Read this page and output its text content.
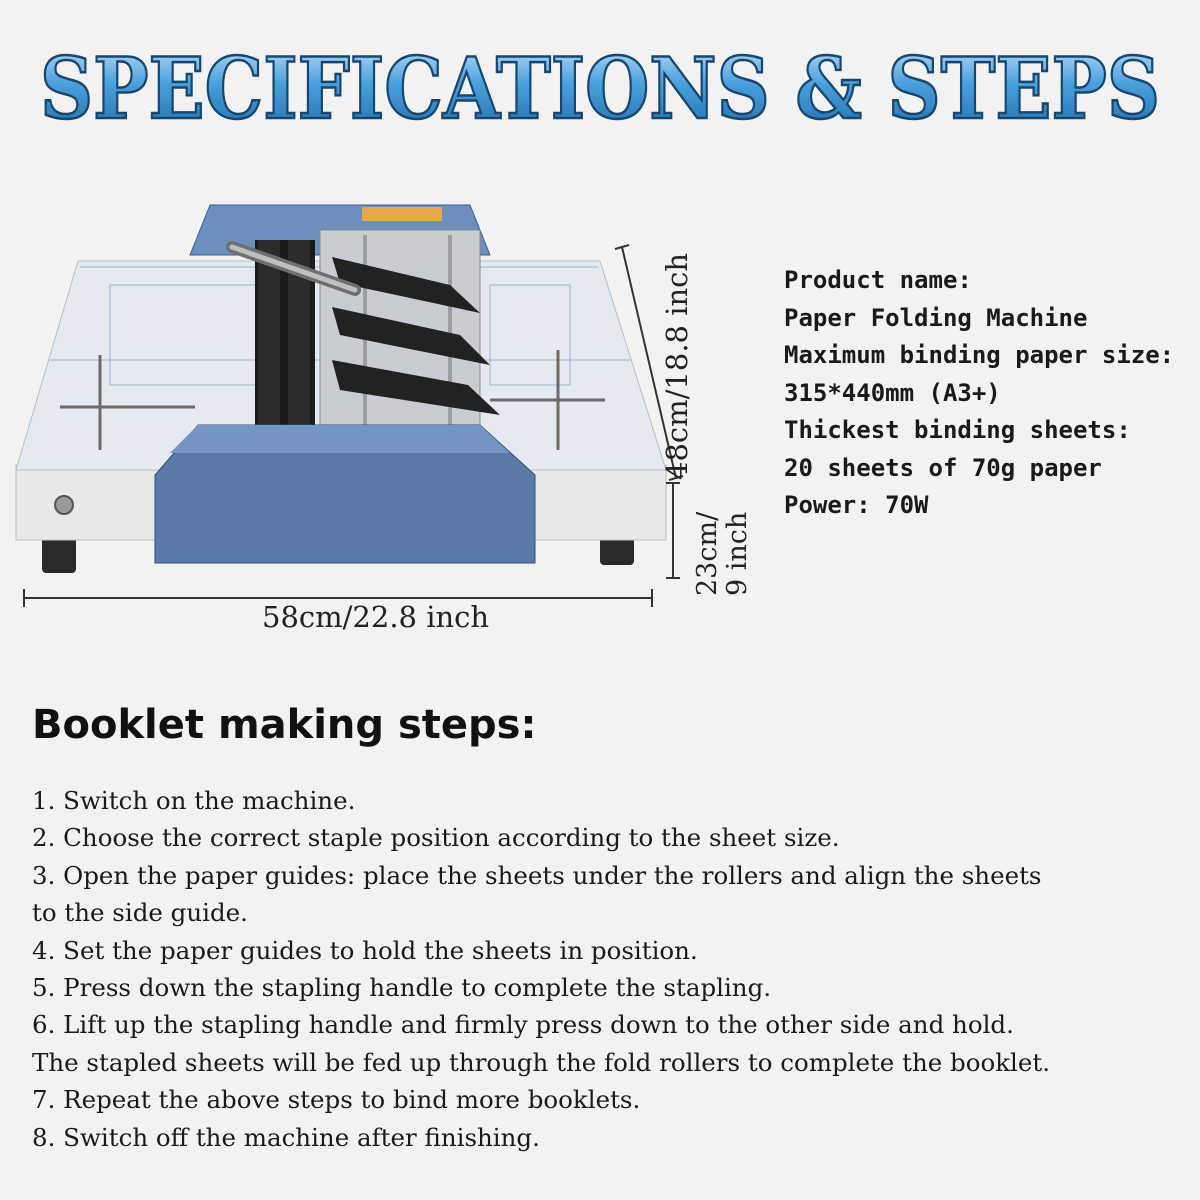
SPECIFICATIONS & STEPS
58cm/22.8 inch
48cm/18.8 inch
23cm/ 9 inch
Product name:
Paper Folding Machine
Maximum binding paper size:
315*440mm (A3+)
Thickest binding sheets:
20 sheets of 70g paper
Power: 70W
Booklet making steps:
1. Switch on the machine.
2. Choose the correct staple position according to the sheet size.
3. Open the paper guides: place the sheets under the rollers and align the sheets
to the side guide.
4. Set the paper guides to hold the sheets in position.
5. Press down the stapling handle to complete the stapling.
6. Lift up the stapling handle and firmly press down to the other side and hold.
The stapled sheets will be fed up through the fold rollers to complete the booklet.
7. Repeat the above steps to bind more booklets.
8. Switch off the machine after finishing.
